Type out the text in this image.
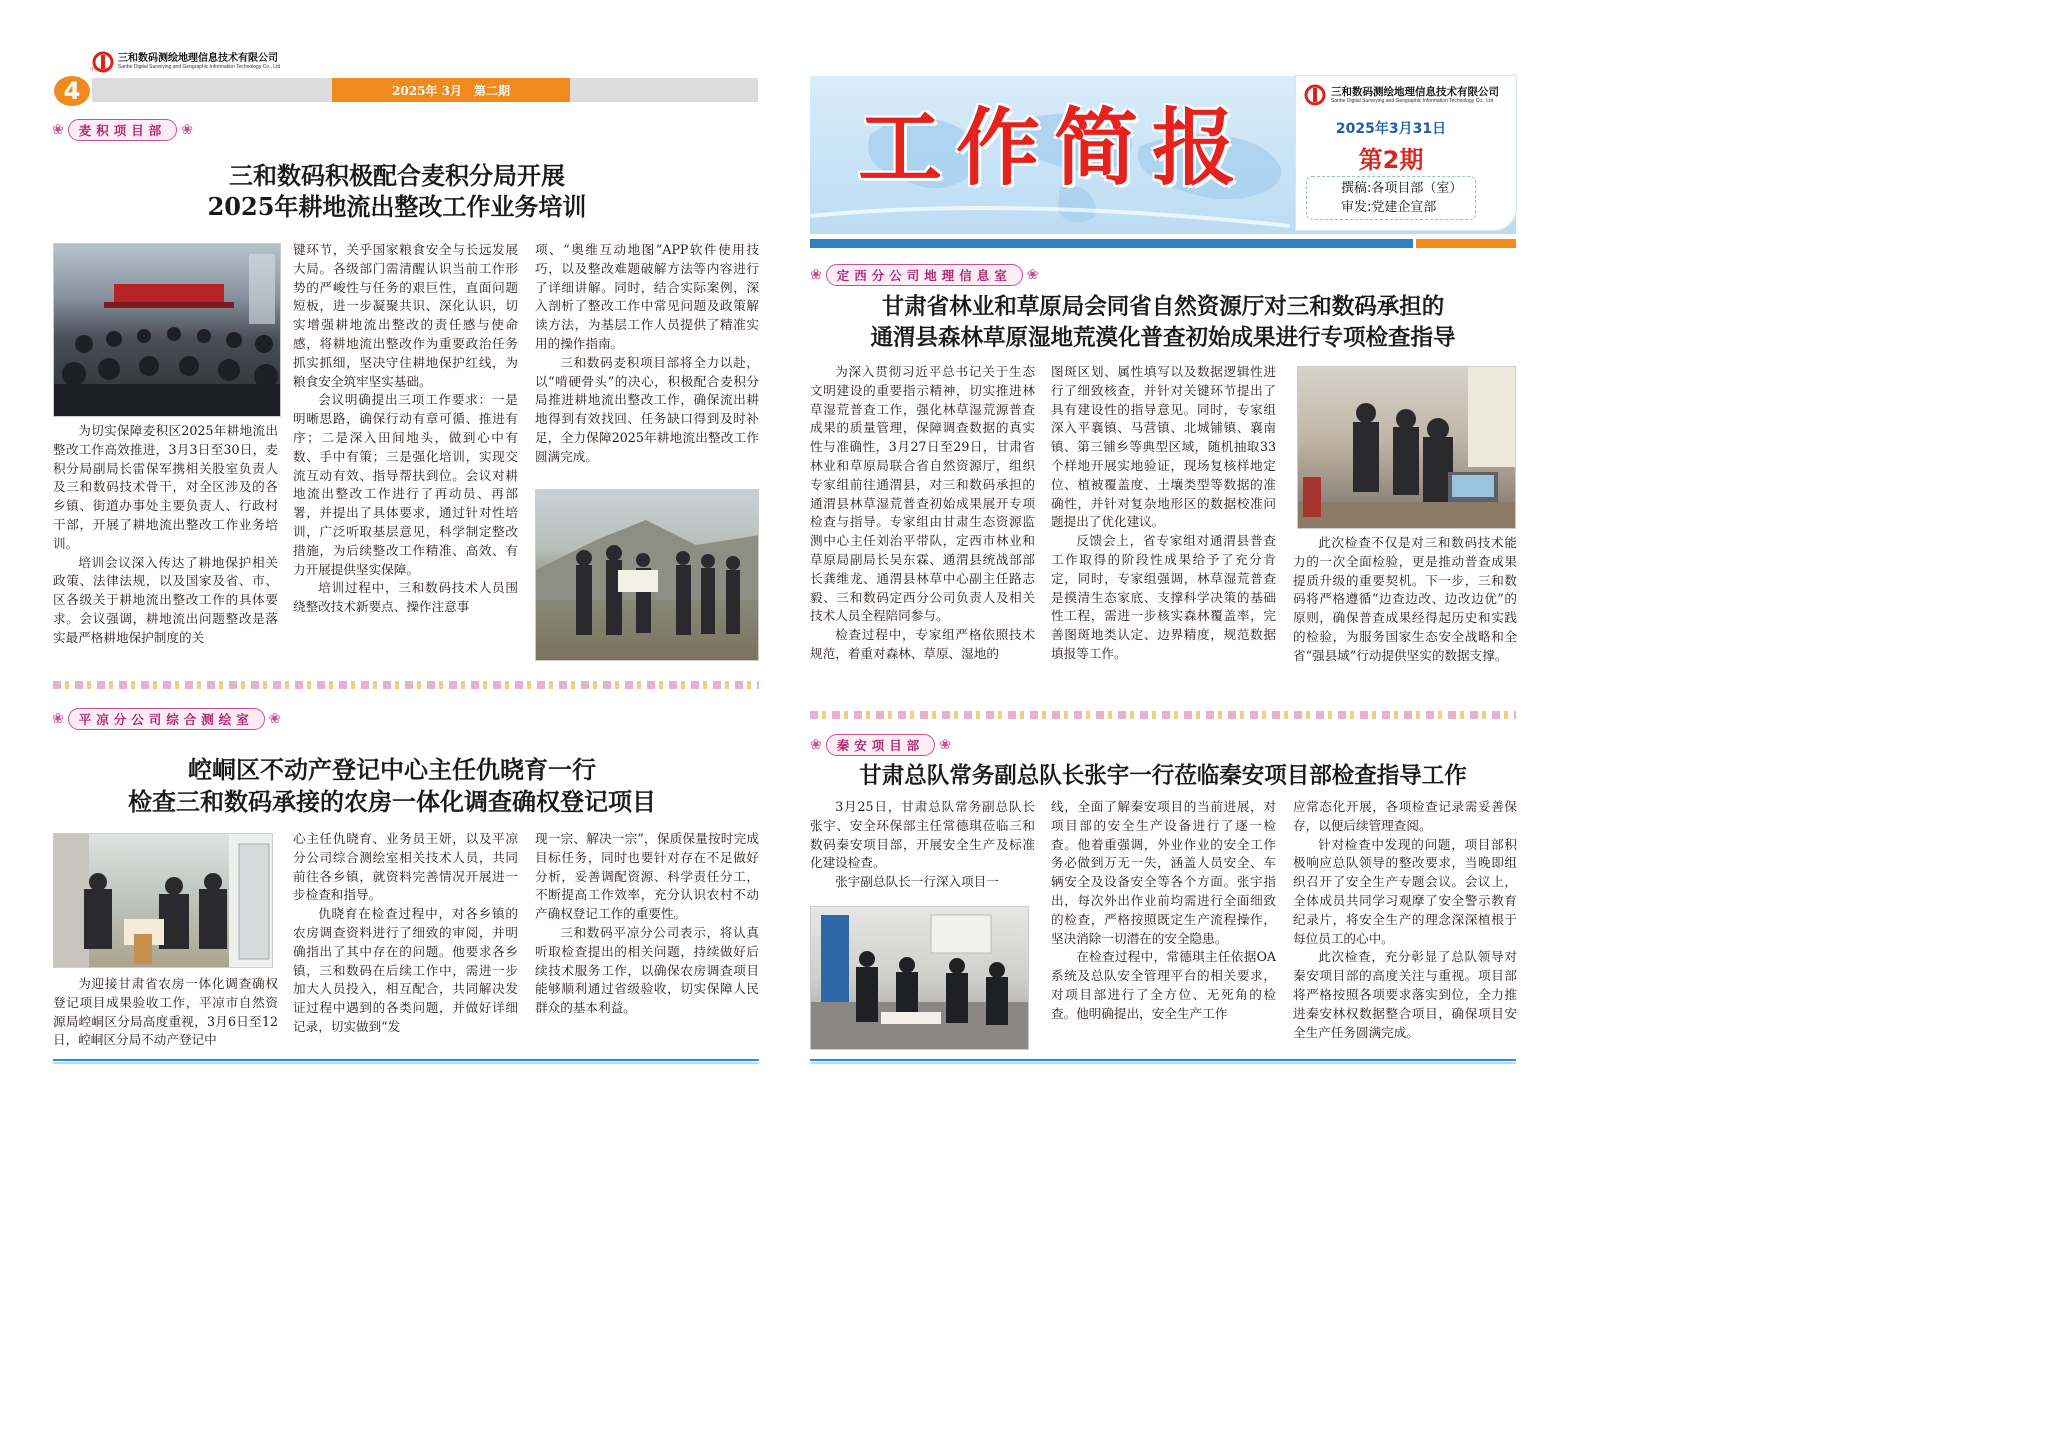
三和数码测绘地理信息技术有限公司
Sanhe Digital Surveying and Geographic Information Technology Co., Ltd
中国建材
4	2025年 3月　第二期
❀	麦积项目部	❀
三和数码积极配合麦积分局开展
2025年耕地流出整改工作业务培训

为切实保障麦积区2025年耕地流出整改工作高效推进，3月3日至30日，麦积分局副局长雷保军携相关股室负责人及三和数码技术骨干，对全区涉及的各乡镇、街道办事处主要负责人、行政村干部，开展了耕地流出整改工作业务培训。

培训会议深入传达了耕地保护相关政策、法律法规，以及国家及省、市、区各级关于耕地流出整改工作的具体要求。会议强调，耕地流出问题整改是落实最严格耕地保护制度的关

键环节，关乎国家粮食安全与长远发展大局。各级部门需清醒认识当前工作形势的严峻性与任务的艰巨性，直面问题短板，进一步凝聚共识、深化认识，切实增强耕地流出整改的责任感与使命感，将耕地流出整改作为重要政治任务抓实抓细，坚决守住耕地保护红线，为粮食安全筑牢坚实基础。

会议明确提出三项工作要求：一是明晰思路，确保行动有章可循、推进有序；二是深入田间地头，做到心中有数、手中有策；三是强化培训，实现交流互动有效、指导帮扶到位。会议对耕地流出整改工作进行了再动员、再部署，并提出了具体要求，通过针对性培训，广泛听取基层意见，科学制定整改措施，为后续整改工作精准、高效、有力开展提供坚实保障。

培训过程中，三和数码技术人员围绕整改技术新要点、操作注意事

项、“奥维互动地图”APP软件使用技巧，以及整改难题破解方法等内容进行了详细讲解。同时，结合实际案例，深入剖析了整改工作中常见问题及政策解读方法，为基层工作人员提供了精准实用的操作指南。

三和数码麦积项目部将全力以赴，以“啃硬骨头”的决心，积极配合麦积分局推进耕地流出整改工作，确保流出耕地得到有效找回、任务缺口得到及时补足，全力保障2025年耕地流出整改工作圆满完成。

❀	平凉分公司综合测绘室	❀
崆峒区不动产登记中心主任仇晓育一行
检查三和数码承接的农房一体化调查确权登记项目

为迎接甘肃省农房一体化调查确权登记项目成果验收工作，平凉市自然资源局崆峒区分局高度重视，3月6日至12日，崆峒区分局不动产登记中

心主任仇晓育、业务员王妍，以及平凉分公司综合测绘室相关技术人员，共同前往各乡镇，就资料完善情况开展进一步检查和指导。

仇晓育在检查过程中，对各乡镇的农房调查资料进行了细致的审阅，并明确指出了其中存在的问题。他要求各乡镇，三和数码在后续工作中，需进一步加大人员投入，相互配合，共同解决发证过程中遇到的各类问题，并做好详细记录，切实做到“发

现一宗、解决一宗”，保质保量按时完成目标任务，同时也要针对存在不足做好分析，妥善调配资源、科学责任分工，不断提高工作效率，充分认识农村不动产确权登记工作的重要性。

三和数码平凉分公司表示，将认真听取检查提出的相关问题，持续做好后续技术服务工作，以确保农房调查项目能够顺利通过省级验收，切实保障人民群众的基本利益。

工作简报
三和数码测绘地理信息技术有限公司
Sanhe Digital Surveying and Geographic Information Technology Co., Ltd
2025年3月31日
第2期
撰稿:各项目部（室）
审发:党建企宣部
❀	定西分公司地理信息室	❀
甘肃省林业和草原局会同省自然资源厅对三和数码承担的
通渭县森林草原湿地荒漠化普查初始成果进行专项检查指导

为深入贯彻习近平总书记关于生态文明建设的重要指示精神，切实推进林草湿荒普查工作，强化林草湿荒源普查成果的质量管理，保障调查数据的真实性与准确性，3月27日至29日，甘肃省林业和草原局联合省自然资源厅，组织专家组前往通渭县，对三和数码承担的通渭县林草湿荒普查初始成果展开专项检查与指导。专家组由甘肃生态资源监测中心主任刘治平带队，定西市林业和草原局副局长吴东霖、通渭县统战部部长龚维龙、通渭县林草中心副主任路志毅、三和数码定西分公司负责人及相关技术人员全程陪同参与。

检查过程中，专家组严格依照技术规范，着重对森林、草原、湿地的

图斑区划、属性填写以及数据逻辑性进行了细致核查，并针对关键环节提出了具有建设性的指导意见。同时，专家组深入平襄镇、马营镇、北城铺镇、襄南镇、第三铺乡等典型区域，随机抽取33个样地开展实地验证，现场复核样地定位、植被覆盖度、土壤类型等数据的准确性，并针对复杂地形区的数据校准问题提出了优化建议。

反馈会上，省专家组对通渭县普查工作取得的阶段性成果给予了充分肯定，同时，专家组强调，林草湿荒普查是摸清生态家底、支撑科学决策的基础性工程，需进一步核实森林覆盖率，完善图斑地类认定、边界精度，规范数据填报等工作。

此次检查不仅是对三和数码技术能力的一次全面检验，更是推动普查成果提质升级的重要契机。下一步，三和数码将严格遵循“边查边改、边改边优”的原则，确保普查成果经得起历史和实践的检验，为服务国家生态安全战略和全省“强县域”行动提供坚实的数据支撑。

❀	秦安项目部	❀
甘肃总队常务副总队长张宇一行莅临秦安项目部检查指导工作

3月25日，甘肃总队常务副总队长张宇、安全环保部主任常德琪莅临三和数码秦安项目部，开展安全生产及标准化建设检查。

张宇副总队长一行深入项目一

线，全面了解秦安项目的当前进展，对项目部的安全生产设备进行了逐一检查。他着重强调，外业作业的安全工作务必做到万无一失，涵盖人员安全、车辆安全及设备安全等各个方面。张宇指出，每次外出作业前均需进行全面细致的检查，严格按照既定生产流程操作，坚决消除一切潜在的安全隐患。

在检查过程中，常德琪主任依据OA系统及总队安全管理平台的相关要求，对项目部进行了全方位、无死角的检查。他明确提出，安全生产工作

应常态化开展，各项检查记录需妥善保存，以便后续管理查阅。

针对检查中发现的问题，项目部积极响应总队领导的整改要求，当晚即组织召开了安全生产专题会议。会议上，全体成员共同学习观摩了安全警示教育纪录片，将安全生产的理念深深植根于每位员工的心中。

此次检查，充分彰显了总队领导对秦安项目部的高度关注与重视。项目部将严格按照各项要求落实到位，全力推进秦安林权数据整合项目，确保项目安全生产任务圆满完成。
